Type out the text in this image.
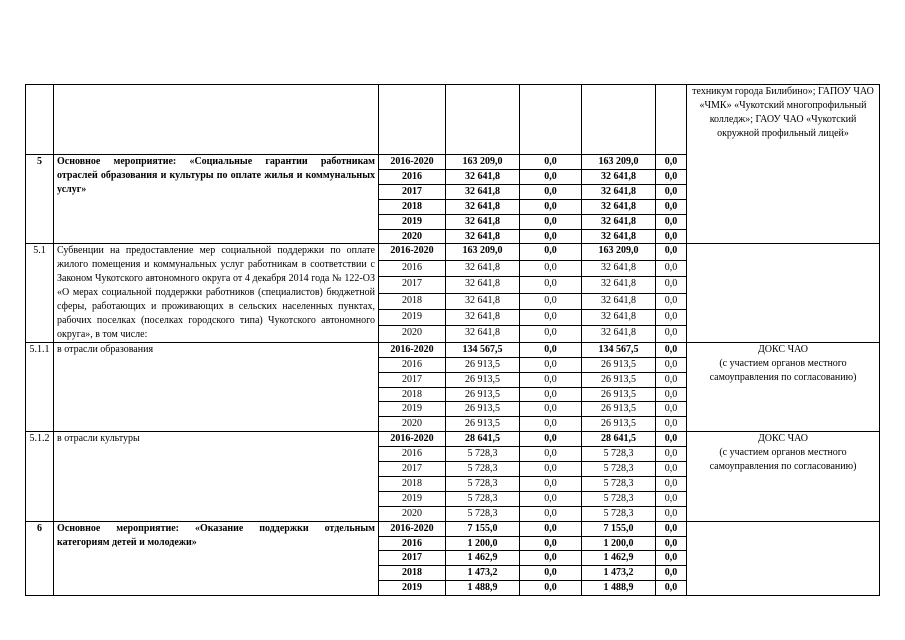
							техникум города Билибино»; ГАПОУ ЧАО «ЧМК» «Чукотский многопрофильный колледж»; ГАОУ ЧАО «Чукотский окружной профильный лицей»
5	Основное мероприятие: «Социальные гарантии работникам отраслей образования и культуры по оплате жилья и коммунальных услуг»	2016-2020	163 209,0	0,0	163 209,0	0,0	
		2016	32 641,8	0,0	32 641,8	0,0	
		2017	32 641,8	0,0	32 641,8	0,0	
		2018	32 641,8	0,0	32 641,8	0,0	
		2019	32 641,8	0,0	32 641,8	0,0	
		2020	32 641,8	0,0	32 641,8	0,0	
5.1	Субвенции на предоставление мер социальной поддержки по оплате жилого помещения и коммунальных услуг работникам в соответствии с Законом Чукотского автономного округа от 4 декабря 2014 года № 122-ОЗ «О мерах социальной поддержки работников (специалистов) бюджетной сферы, работающих и проживающих в сельских населенных пунктах, рабочих поселках (поселках городского типа) Чукотского автономного округа», в том числе:	2016-2020	163 209,0	0,0	163 209,0	0,0	
		2016	32 641,8	0,0	32 641,8	0,0	
		2017	32 641,8	0,0	32 641,8	0,0	
		2018	32 641,8	0,0	32 641,8	0,0	
		2019	32 641,8	0,0	32 641,8	0,0	
		2020	32 641,8	0,0	32 641,8	0,0	
5.1.1	в отрасли образования	2016-2020	134 567,5	0,0	134 567,5	0,0	ДОКС ЧАО
(с участием органов местного самоуправления по согласованию)
		2016	26 913,5	0,0	26 913,5	0,0	
		2017	26 913,5	0,0	26 913,5	0,0	
		2018	26 913,5	0,0	26 913,5	0,0	
		2019	26 913,5	0,0	26 913,5	0,0	
		2020	26 913,5	0,0	26 913,5	0,0	
5.1.2	в отрасли культуры	2016-2020	28 641,5	0,0	28 641,5	0,0	ДОКС ЧАО
(с участием органов местного самоуправления по согласованию)
		2016	5 728,3	0,0	5 728,3	0,0	
		2017	5 728,3	0,0	5 728,3	0,0	
		2018	5 728,3	0,0	5 728,3	0,0	
		2019	5 728,3	0,0	5 728,3	0,0	
		2020	5 728,3	0,0	5 728,3	0,0	
6	Основное мероприятие: «Оказание поддержки отдельным категориям детей и молодежи»	2016-2020	7 155,0	0,0	7 155,0	0,0	
		2016	1 200,0	0,0	1 200,0	0,0	
		2017	1 462,9	0,0	1 462,9	0,0	
		2018	1 473,2	0,0	1 473,2	0,0	
		2019	1 488,9	0,0	1 488,9	0,0	
